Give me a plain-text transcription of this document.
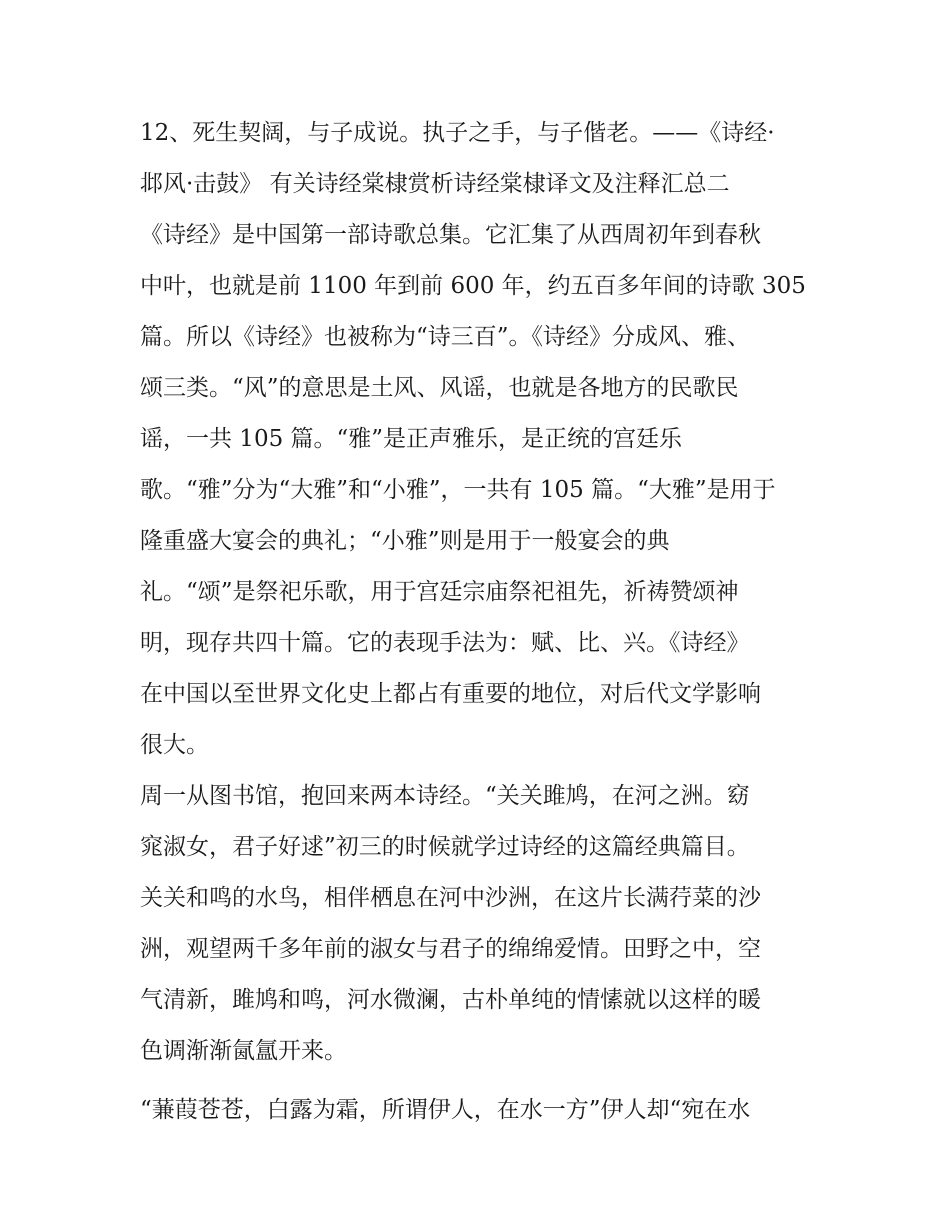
12、死生契阔，与子成说。执子之手，与子偕老。——《诗经·
邶风·击鼓》 有关诗经棠棣赏析诗经棠棣译文及注释汇总二
《诗经》是中国第一部诗歌总集。它汇集了从西周初年到春秋
中叶，也就是前 1100 年到前 600 年，约五百多年间的诗歌 305
篇。所以《诗经》也被称为“诗三百”。《诗经》分成风、雅、
颂三类。“风”的意思是土风、风谣，也就是各地方的民歌民
谣，一共 105 篇。“雅”是正声雅乐，是正统的宫廷乐
歌。“雅”分为“大雅”和“小雅”，一共有 105 篇。“大雅”是用于
隆重盛大宴会的典礼；“小雅”则是用于一般宴会的典
礼。“颂”是祭祀乐歌，用于宫廷宗庙祭祀祖先，祈祷赞颂神
明，现存共四十篇。它的表现手法为：赋、比、兴。《诗经》
在中国以至世界文化史上都占有重要的地位，对后代文学影响
很大。
周一从图书馆，抱回来两本诗经。“关关雎鸠，在河之洲。窈
窕淑女，君子好逑”初三的时候就学过诗经的这篇经典篇目。
关关和鸣的水鸟，相伴栖息在河中沙洲，在这片长满荇菜的沙
洲，观望两千多年前的淑女与君子的绵绵爱情。田野之中，空
气清新，雎鸠和鸣，河水微澜，古朴单纯的情愫就以这样的暖
色调渐渐氤氲开来。
“蒹葭苍苍，白露为霜，所谓伊人，在水一方”伊人却“宛在水
